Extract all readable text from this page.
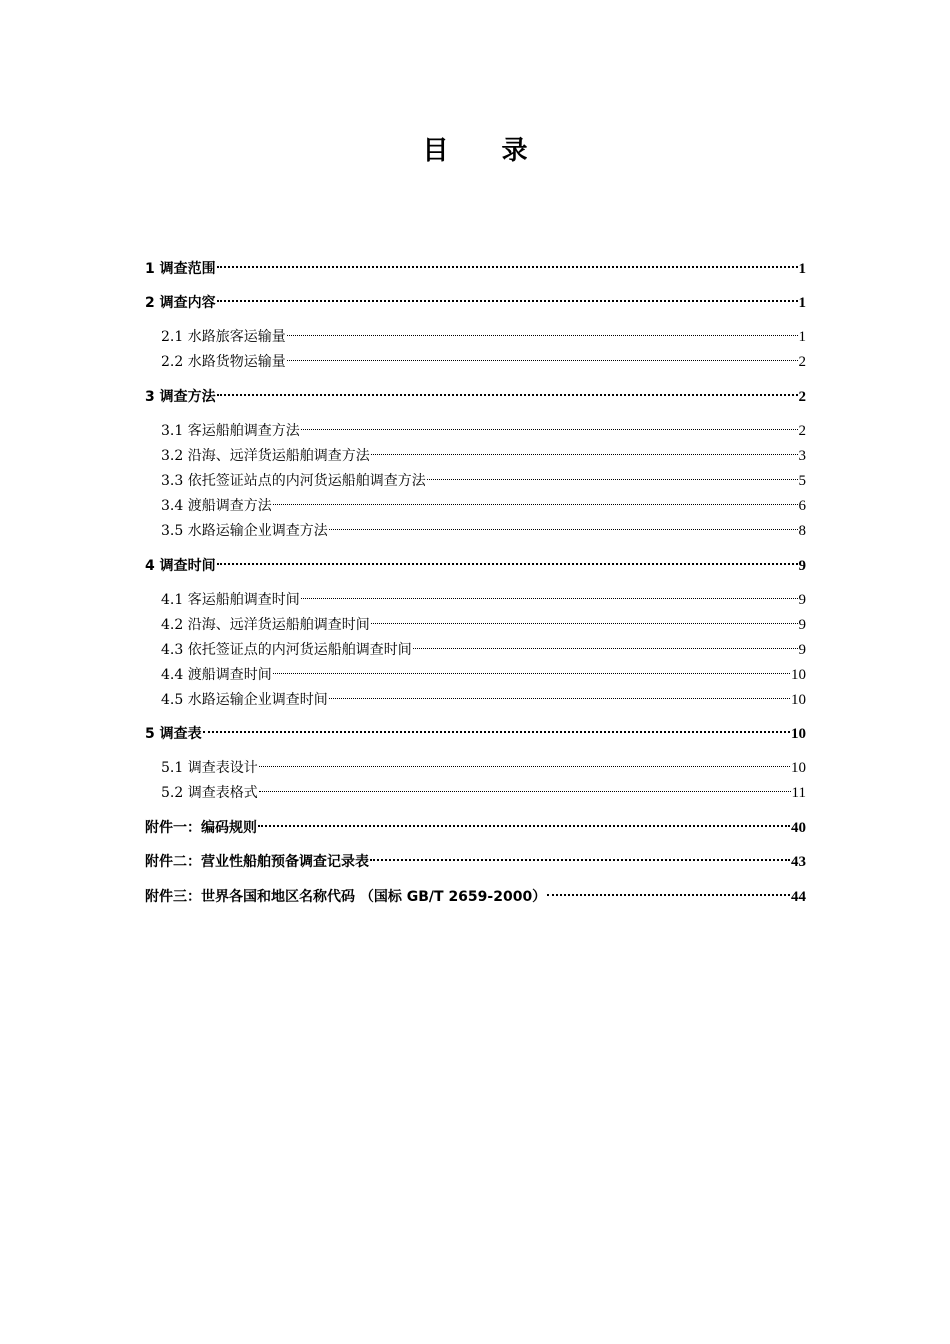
目 录
1 调查范围	1
2 调查内容	1
2.1 水路旅客运输量	1
2.2 水路货物运输量	2
3 调查方法	2
3.1 客运船舶调查方法	2
3.2 沿海、远洋货运船舶调查方法	3
3.3 依托签证站点的内河货运船舶调查方法	5
3.4 渡船调查方法	6
3.5 水路运输企业调查方法	8
4 调查时间	9
4.1 客运船舶调查时间	9
4.2 沿海、远洋货运船舶调查时间	9
4.3 依托签证点的内河货运船舶调查时间	9
4.4 渡船调查时间	10
4.5 水路运输企业调查时间	10
5 调查表	10
5.1 调查表设计	10
5.2 调查表格式	11
附件一：编码规则	40
附件二：营业性船舶预备调查记录表	43
附件三：世界各国和地区名称代码 （国标 GB/T 2659-2000）	44
